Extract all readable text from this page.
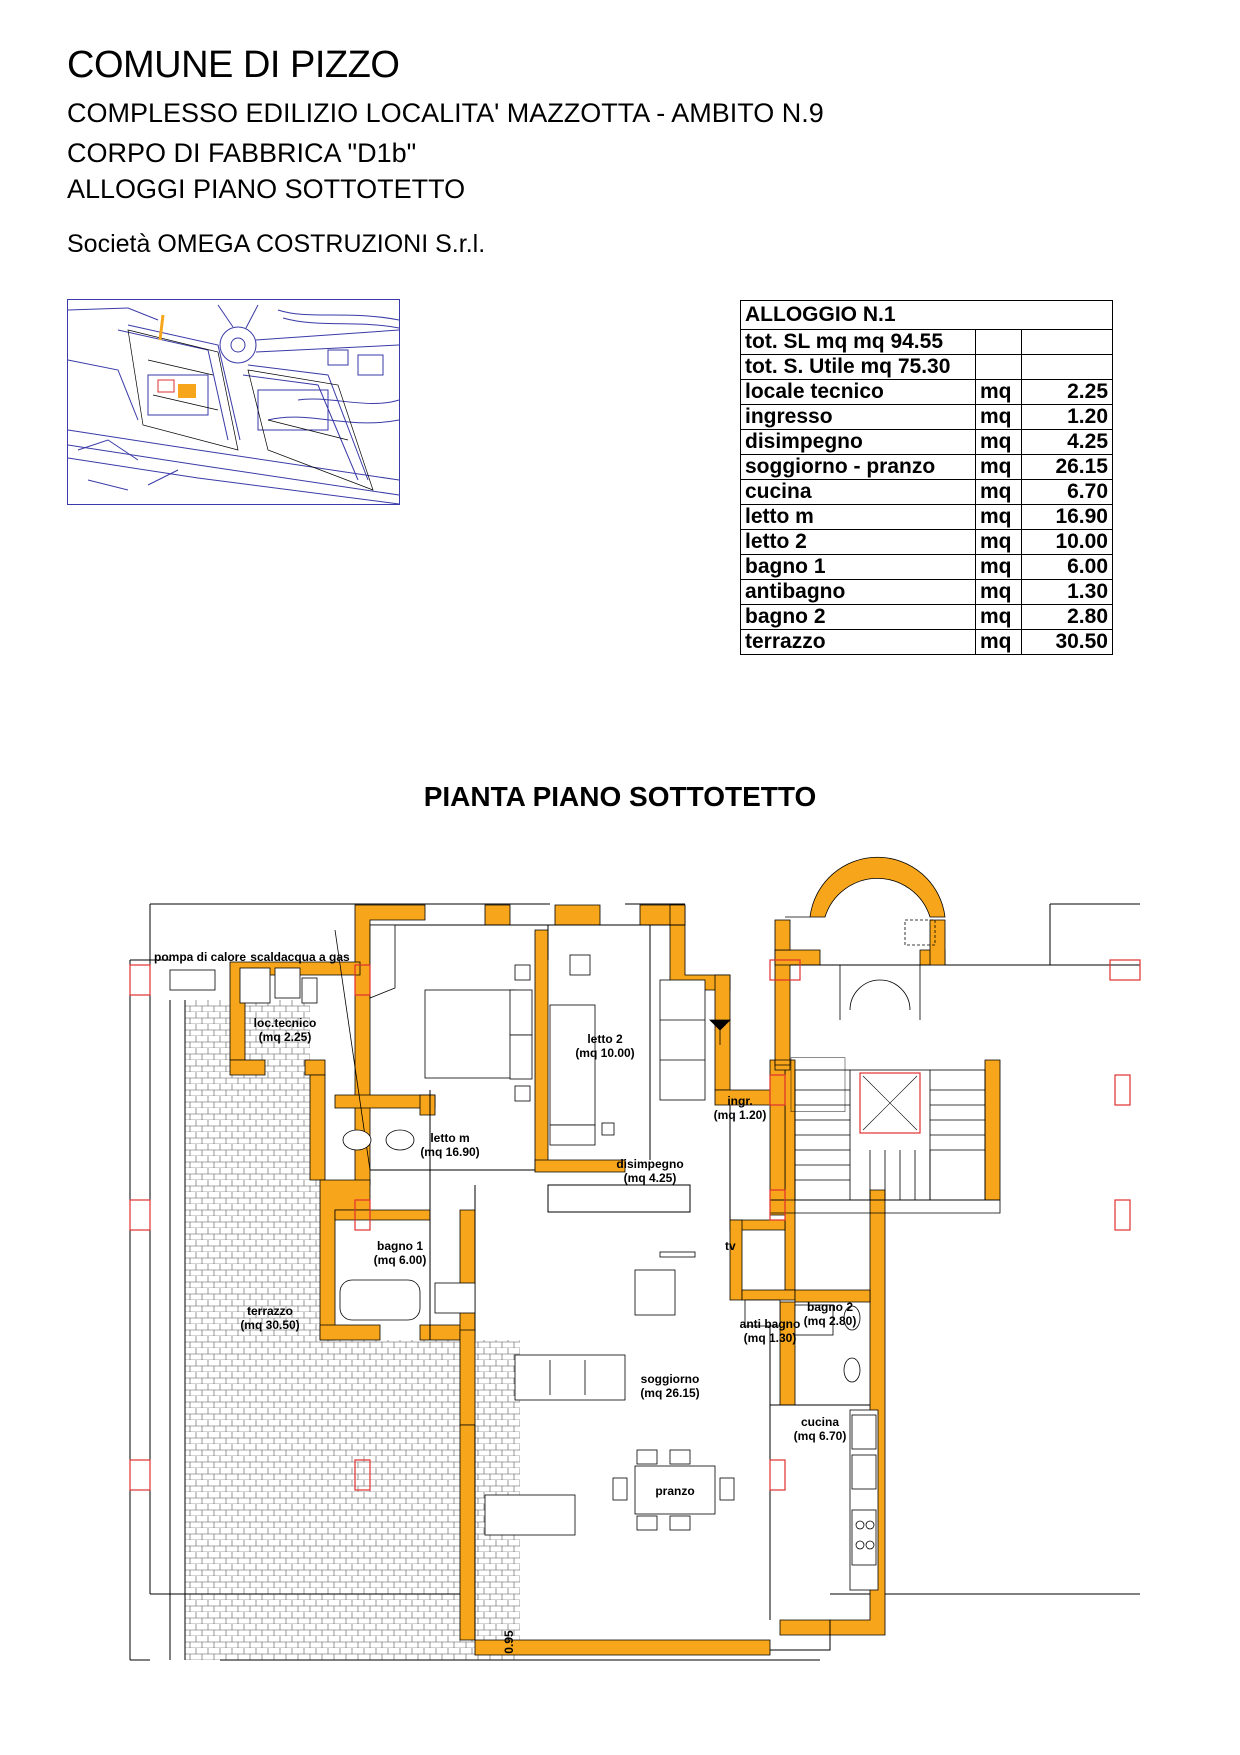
COMUNE DI PIZZO
COMPLESSO EDILIZIO LOCALITA' MAZZOTTA - AMBITO N.9
CORPO DI FABBRICA "D1b"
ALLOGGI PIANO SOTTOTETTO
Società OMEGA COSTRUZIONI S.r.l.
ALLOGGIO N.1		
tot. SL mq mq 94.55		
tot. S. Utile mq 75.30		
locale tecnico	mq	2.25
ingresso	mq	1.20
disimpegno	mq	4.25
soggiorno - pranzo	mq	26.15
cucina	mq	6.70
letto m	mq	16.90
letto 2	mq	10.00
bagno 1	mq	6.00
antibagno	mq	1.30
bagno 2	mq	2.80
terrazzo	mq	30.50
PIANTA PIANO SOTTOTETTO
pompa di calore scaldacqua a gas
loc.tecnico
(mq 2.25)	letto 2
(mq 10.00)
ingr.
(mq 1.20)
letto m
(mq 16.90)
disimpegno
(mq 4.25)
bagno 1
(mq 6.00)
terrazzo
(mq 30.50)
bagno 2
(mq 2.80)
anti bagno
(mq 1.30)
soggiorno
(mq 26.15)
cucina
(mq 6.70)
pranzo
tv
0.95
